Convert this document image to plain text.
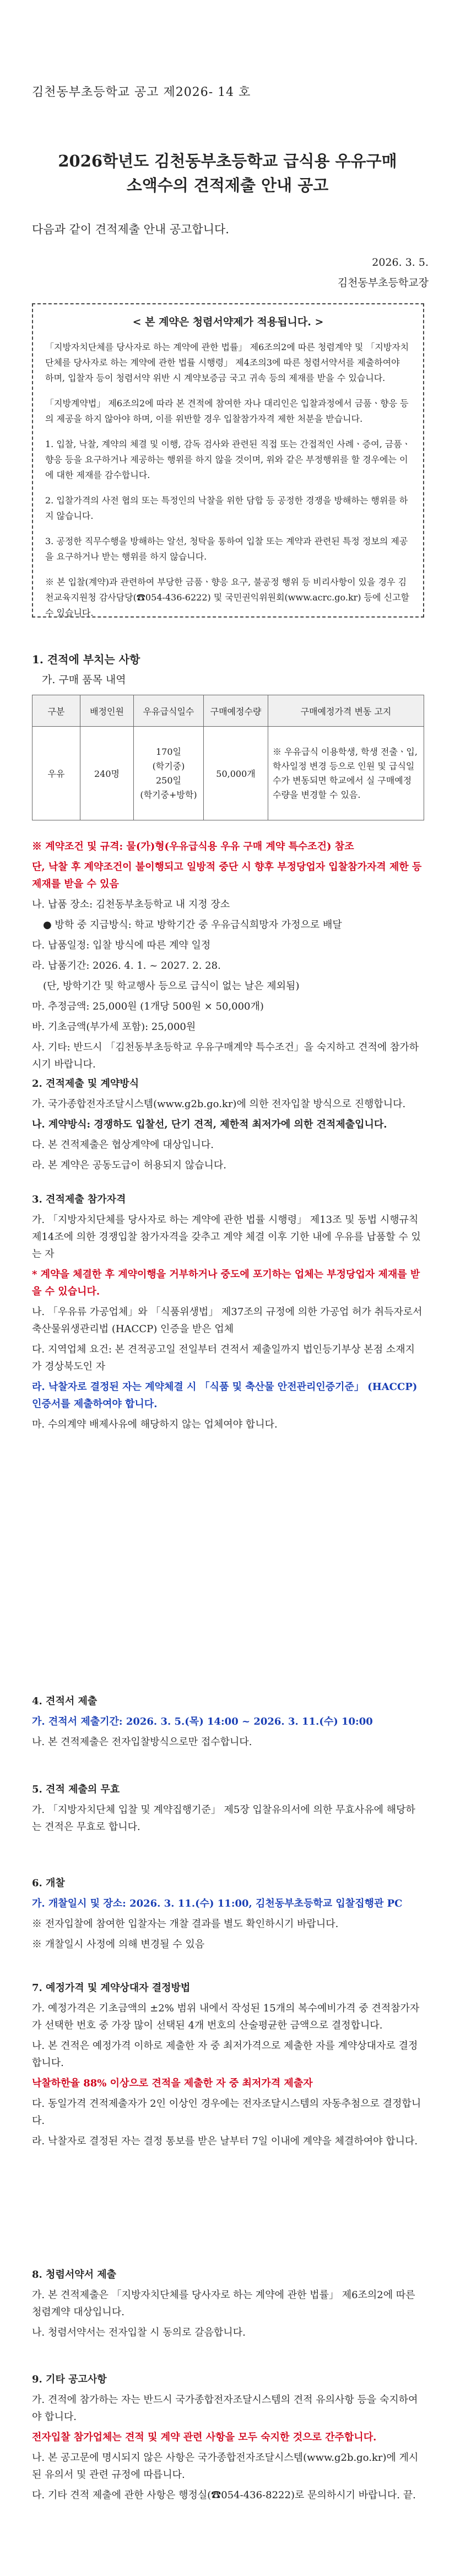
김천동부초등학교 공고 제2026- 14 호
2026학년도 김천동부초등학교 급식용 우유구매
소액수의 견적제출 안내 공고
다음과 같이 견적제출 안내 공고합니다.
2026. 3. 5.
김천동부초등학교장
< 본 계약은 청렴서약제가 적용됩니다. >

「지방자치단체를 당사자로 하는 계약에 관한 법률」 제6조의2에 따른 청렴계약 및 「지방자치단체를 당사자로 하는 계약에 관한 법률 시행령」 제4조의3에 따른 청렴서약서를 제출하여야 하며, 입찰자 등이 청렴서약 위반 시 계약보증금 국고 귀속 등의 제재를 받을 수 있습니다.

「지방계약법」 제6조의2에 따라 본 견적에 참여한 자나 대리인은 입찰과정에서 금품ㆍ향응 등의 제공을 하지 않아야 하며, 이를 위반할 경우 입찰참가자격 제한 처분을 받습니다.

1. 입찰, 낙찰, 계약의 체결 및 이행, 감독 검사와 관련된 직접 또는 간접적인 사례ㆍ증여, 금품ㆍ향응 등을 요구하거나 제공하는 행위를 하지 않을 것이며, 위와 같은 부정행위를 할 경우에는 이에 대한 제재를 감수합니다.

2. 입찰가격의 사전 협의 또는 특정인의 낙찰을 위한 담합 등 공정한 경쟁을 방해하는 행위를 하지 않습니다.

3. 공정한 직무수행을 방해하는 알선, 청탁을 통하여 입찰 또는 계약과 관련된 특정 정보의 제공을 요구하거나 받는 행위를 하지 않습니다.

※ 본 입찰(계약)과 관련하여 부당한 금품ㆍ향응 요구, 불공정 행위 등 비리사항이 있을 경우 김천교육지원청 감사담당(☎054-436-6222) 및 국민권익위원회(www.acrc.go.kr) 등에 신고할 수 있습니다.

1. 견적에 부치는 사항
가. 구매 품목 내역
구분	배정인원	우유급식일수	구매예정수량	구매예정가격 변동 고지
우유	240명	170일
(학기중)
250일
(학기중+방학)	50,000개	※ 우유급식 이용학생, 학생 전출ㆍ입, 학사일정 변경 등으로 인원 및 급식일수가 변동되면 학교에서 실 구매예정수량을 변경할 수 있음.

※ 계약조건 및 규격: 물(가)형(우유급식용 우유 구매 계약 특수조건) 참조

단, 낙찰 후 계약조건이 불이행되고 일방적 중단 시 향후 부정당업자 입찰참가자격 제한 등 제재를 받을 수 있음

나. 납품 장소: 김천동부초등학교 내 지정 장소

● 방학 중 지급방식: 학교 방학기간 중 우유급식희망자 가정으로 배달

다. 납품일정: 입찰 방식에 따른 계약 일정

라. 납품기간: 2026. 4. 1. ~ 2027. 2. 28.

(단, 방학기간 및 학교행사 등으로 급식이 없는 날은 제외됨)

마. 추정금액: 25,000원 (1개당 500원 × 50,000개)

바. 기초금액(부가세 포함): 25,000원

사. 기타: 반드시 「김천동부초등학교 우유구매계약 특수조건」을 숙지하고 견적에 참가하시기 바랍니다.

2. 견적제출 및 계약방식

가. 국가종합전자조달시스템(www.g2b.go.kr)에 의한 전자입찰 방식으로 진행합니다.

나. 계약방식: 경쟁하도 입찰선, 단기 견적, 제한적 최저가에 의한 견적제출입니다.

다. 본 견적제출은 협상계약에 대상입니다.

라. 본 계약은 공동도급이 허용되지 않습니다.

3. 견적제출 참가자격

가. 「지방자치단체를 당사자로 하는 계약에 관한 법률 시행령」 제13조 및 동법 시행규칙 제14조에 의한 경쟁입찰 참가자격을 갖추고 계약 체결 이후 기한 내에 우유를 납품할 수 있는 자

* 계약을 체결한 후 계약이행을 거부하거나 중도에 포기하는 업체는 부정당업자 제재를 받을 수 있습니다.

나. 「우유류 가공업체」와 「식품위생법」 제37조의 규정에 의한 가공업 허가 취득자로서 축산물위생관리법 (HACCP) 인증을 받은 업체

다. 지역업체 요건: 본 견적공고일 전일부터 견적서 제출일까지 법인등기부상 본점 소재지가 경상북도인 자

라. 낙찰자로 결정된 자는 계약체결 시 「식품 및 축산물 안전관리인증기준」 (HACCP) 인증서를 제출하여야 합니다.

마. 수의계약 배제사유에 해당하지 않는 업체여야 합니다.

4. 견적서 제출

가. 견적서 제출기간: 2026. 3. 5.(목) 14:00 ~ 2026. 3. 11.(수) 10:00

나. 본 견적제출은 전자입찰방식으로만 접수합니다.

5. 견적 제출의 무효

가. 「지방자치단체 입찰 및 계약집행기준」 제5장 입찰유의서에 의한 무효사유에 해당하는 견적은 무효로 합니다.

6. 개찰

가. 개찰일시 및 장소: 2026. 3. 11.(수) 11:00, 김천동부초등학교 입찰집행관 PC

※ 전자입찰에 참여한 입찰자는 개찰 결과를 별도 확인하시기 바랍니다.

※ 개찰일시 사정에 의해 변경될 수 있음

7. 예정가격 및 계약상대자 결정방법

가. 예정가격은 기초금액의 ±2% 범위 내에서 작성된 15개의 복수예비가격 중 견적참가자가 선택한 번호 중 가장 많이 선택된 4개 번호의 산술평균한 금액으로 결정합니다.

나. 본 견적은 예정가격 이하로 제출한 자 중 최저가격으로 제출한 자를 계약상대자로 결정합니다.

낙찰하한율 88% 이상으로 견적을 제출한 자 중 최저가격 제출자

다. 동일가격 견적제출자가 2인 이상인 경우에는 전자조달시스템의 자동추첨으로 결정합니다.

라. 낙찰자로 결정된 자는 결정 통보를 받은 날부터 7일 이내에 계약을 체결하여야 합니다.

8. 청렴서약서 제출

가. 본 견적제출은 「지방자치단체를 당사자로 하는 계약에 관한 법률」 제6조의2에 따른 청렴계약 대상입니다.

나. 청렴서약서는 전자입찰 시 동의로 갈음합니다.

9. 기타 공고사항

가. 견적에 참가하는 자는 반드시 국가종합전자조달시스템의 견적 유의사항 등을 숙지하여야 합니다.

전자입찰 참가업체는 견적 및 계약 관련 사항을 모두 숙지한 것으로 간주합니다.

나. 본 공고문에 명시되지 않은 사항은 국가종합전자조달시스템(www.g2b.go.kr)에 게시된 유의서 및 관련 규정에 따릅니다.

다. 기타 견적 제출에 관한 사항은 행정실(☎054-436-8222)로 문의하시기 바랍니다. 끝.
